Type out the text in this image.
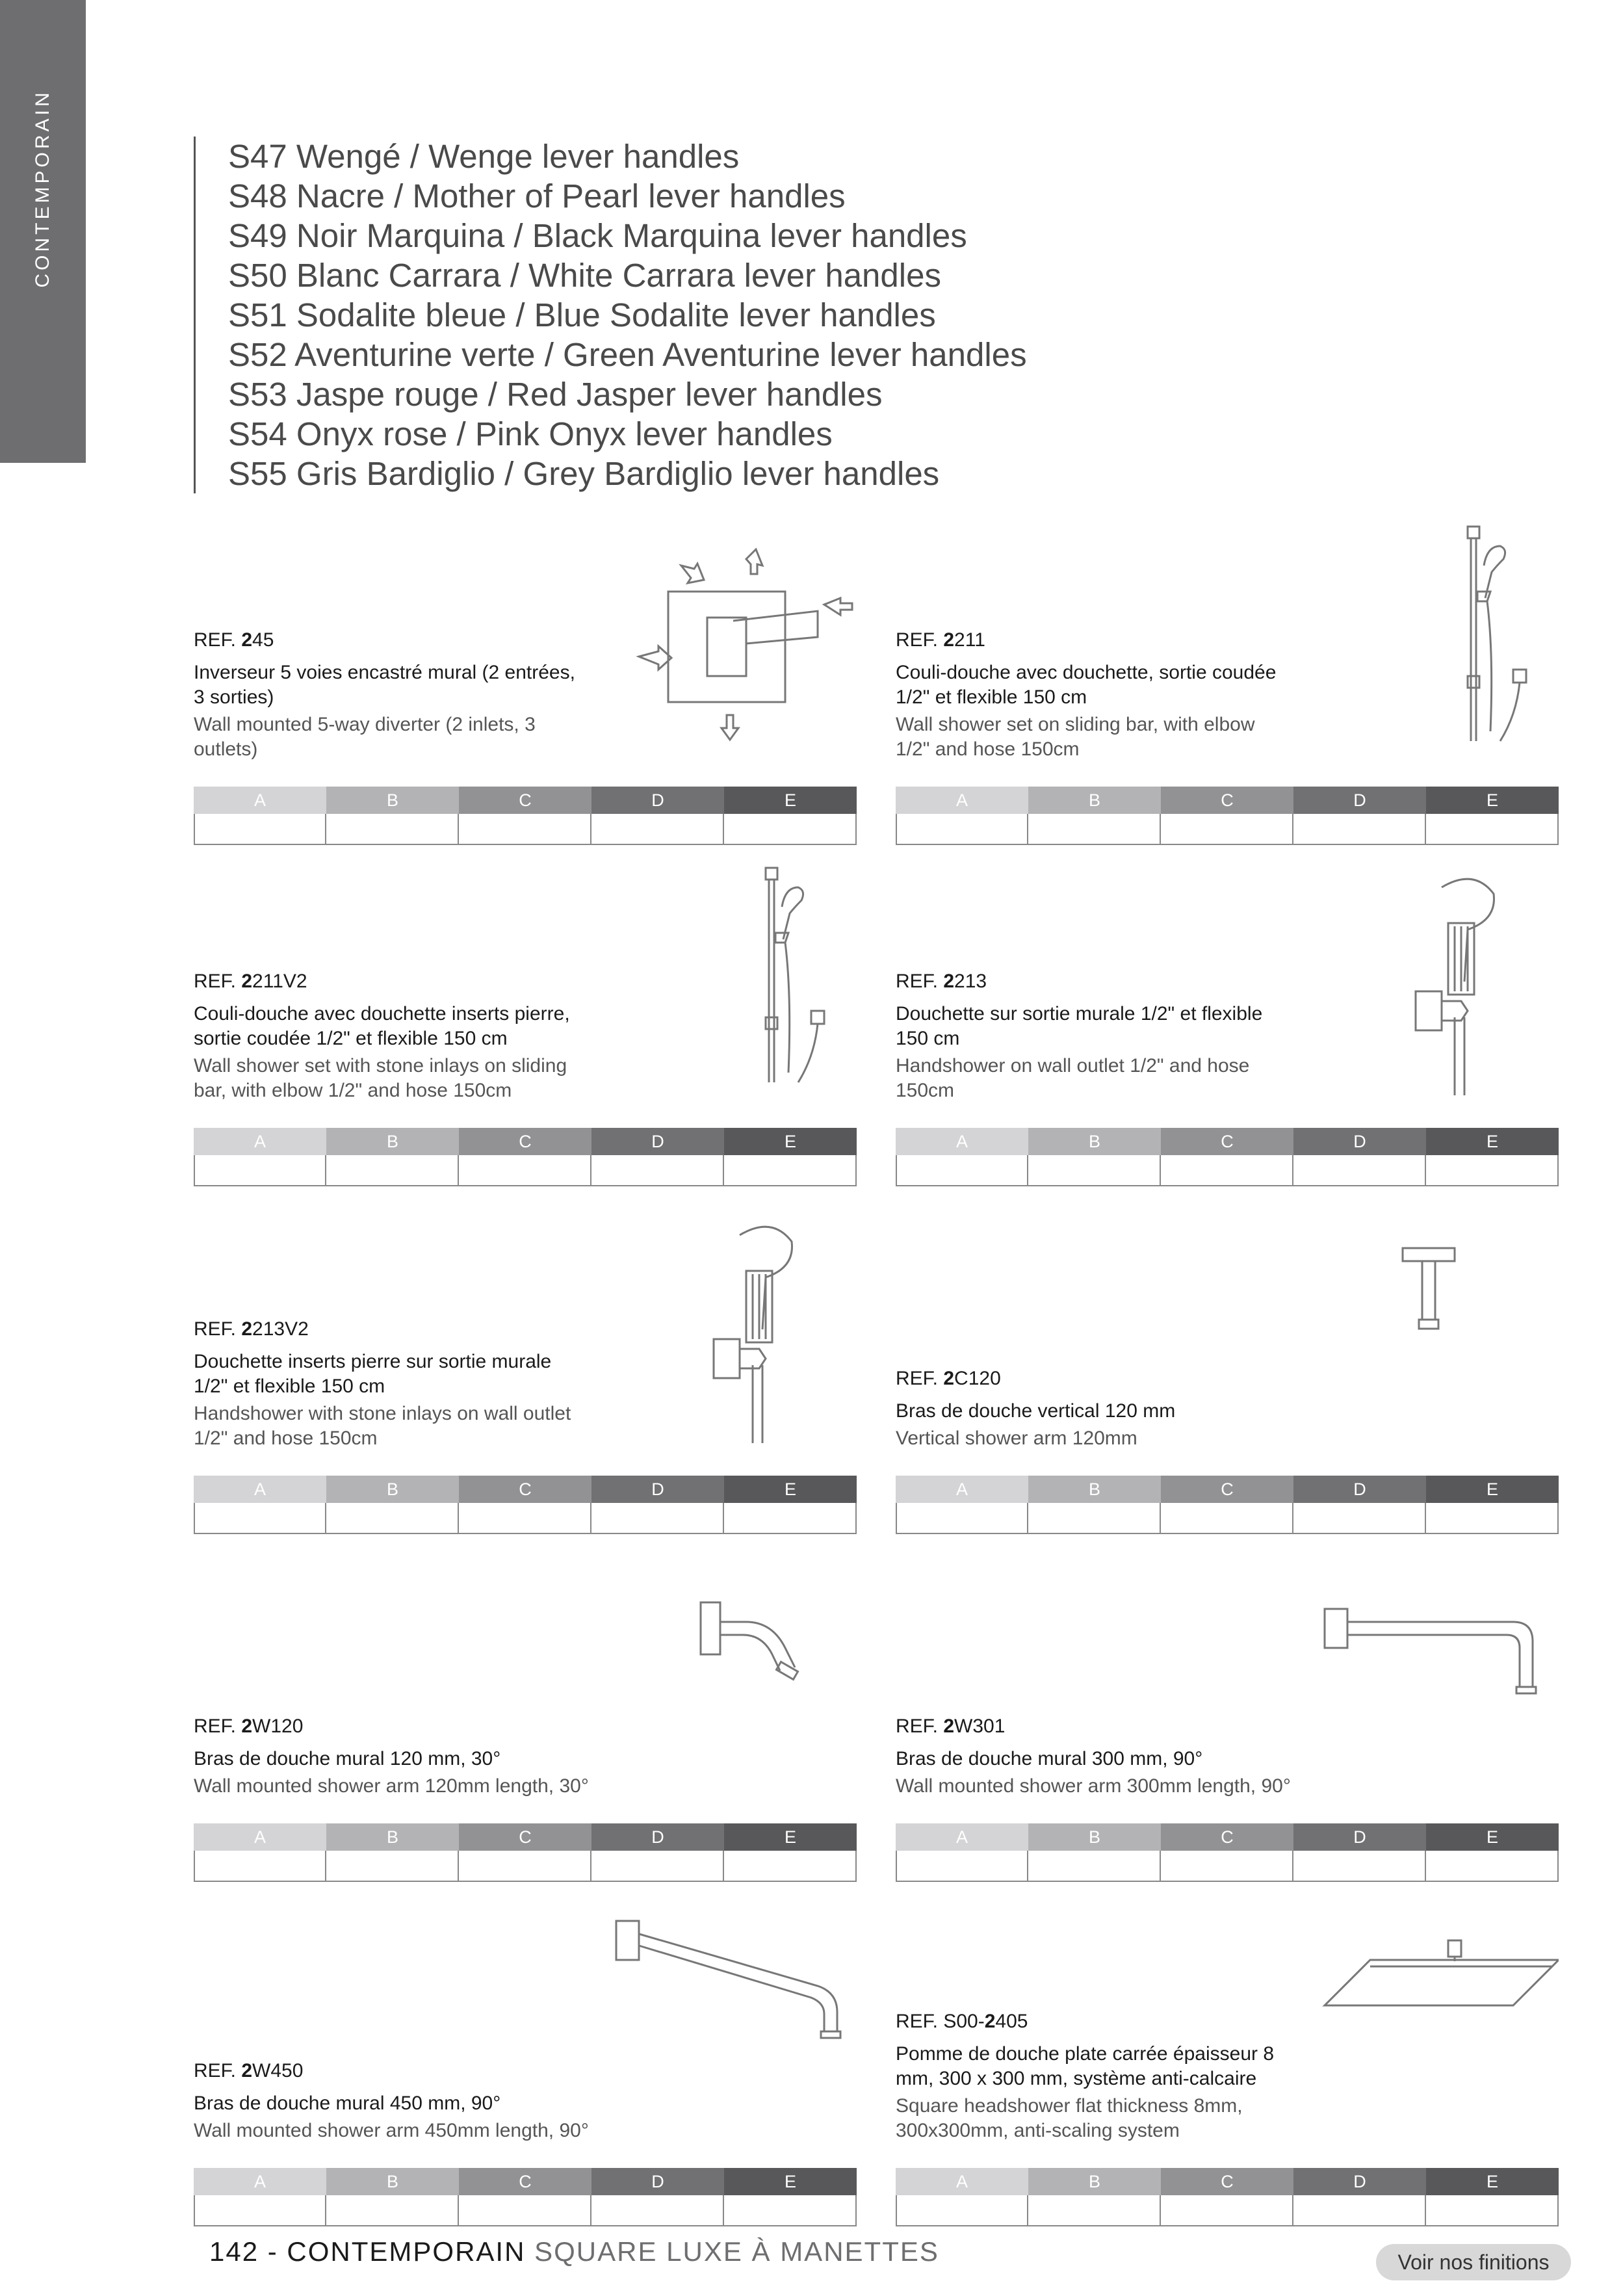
CONTEMPORAIN	S47 Wengé / Wenge lever handles
S48 Nacre / Mother of Pearl lever handles
S49 Noir Marquina / Black Marquina lever handles
S50 Blanc Carrara / White Carrara lever handles
S51 Sodalite bleue / Blue Sodalite lever handles
S52 Aventurine verte / Green Aventurine lever handles
S53 Jaspe rouge / Red Jasper lever handles
S54 Onyx rose / Pink Onyx lever handles
S55 Gris Bardiglio / Grey Bardiglio lever handles
REF. 245
Inverseur 5 voies encastré mural (2 entrées, 3 sorties)
Wall mounted 5-way diverter (2 inlets, 3 outlets)
A	B	C	D	E
REF. 2211
Couli-douche avec douchette, sortie coudée 1/2" et flexible 150 cm
Wall shower set on sliding bar, with elbow 1/2" and hose 150cm
A	B	C	D	E
REF. 2211V2
Couli-douche avec douchette inserts pierre, sortie coudée 1/2" et flexible 150 cm
Wall shower set with stone inlays on sliding bar, with elbow 1/2" and hose 150cm
A	B	C	D	E
REF. 2213
Douchette sur sortie murale 1/2" et flexible 150 cm
Handshower on wall outlet 1/2" and hose 150cm
A	B	C	D	E
REF. 2213V2
Douchette inserts pierre sur sortie murale 1/2" et flexible 150 cm
Handshower with stone inlays on wall outlet 1/2" and hose 150cm
A	B	C	D	E
REF. 2C120
Bras de douche vertical 120 mm
Vertical shower arm 120mm
A	B	C	D	E
REF. 2W120
Bras de douche mural 120 mm, 30°
Wall mounted shower arm 120mm length, 30°
A	B	C	D	E
REF. 2W301
Bras de douche mural 300 mm, 90°
Wall mounted shower arm 300mm length, 90°
A	B	C	D	E
REF. 2W450
Bras de douche mural 450 mm, 90°
Wall mounted shower arm 450mm length, 90°
A	B	C	D	E
REF. S00-2405
Pomme de douche plate carrée épaisseur 8 mm, 300 x 300 mm, système anti-calcaire
Square headshower flat thickness 8mm, 300x300mm, anti-scaling system
A	B	C	D	E
142 - CONTEMPORAIN SQUARE LUXE À MANETTES	Voir nos finitions
